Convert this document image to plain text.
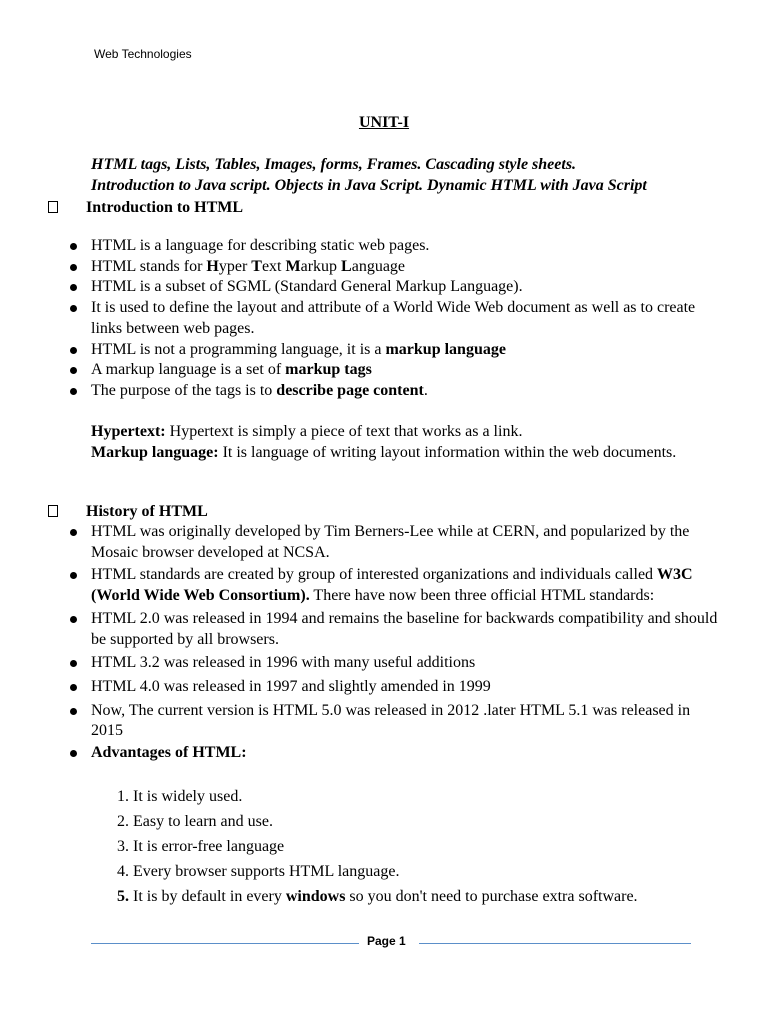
Web Technologies
UNIT-I
HTML tags, Lists, Tables, Images, forms, Frames. Cascading style sheets.
Introduction to Java script. Objects in Java Script. Dynamic HTML with Java Script
Introduction to HTML
HTML is a language for describing static web pages.
HTML stands for Hyper Text Markup Language
HTML is a subset of SGML (Standard General Markup Language).
It is used to define the layout and attribute of a World Wide Web document as well as to create links between web pages.
HTML is not a programming language, it is a markup language
A markup language is a set of markup tags
The purpose of the tags is to describe page content.
Hypertext: Hypertext is simply a piece of text that works as a link.
Markup language: It is language of writing layout information within the web documents.
History of HTML
HTML was originally developed by Tim Berners-Lee while at CERN, and popularized by the Mosaic browser developed at NCSA.
HTML standards are created by group of interested organizations and individuals called W3C (World Wide Web Consortium). There have now been three official HTML standards:
HTML 2.0 was released in 1994 and remains the baseline for backwards compatibility and should be supported by all browsers.
HTML 3.2 was released in 1996 with many useful additions
HTML 4.0 was released in 1997 and slightly amended in 1999
Now, The current version is HTML 5.0 was released in 2012 .later HTML 5.1 was released in 2015
Advantages of HTML:
1. It is widely used.
2. Easy to learn and use.
3. It is error-free language
4. Every browser supports HTML language.
5. It is by default in every windows so you don't need to purchase extra software.
Page 1
